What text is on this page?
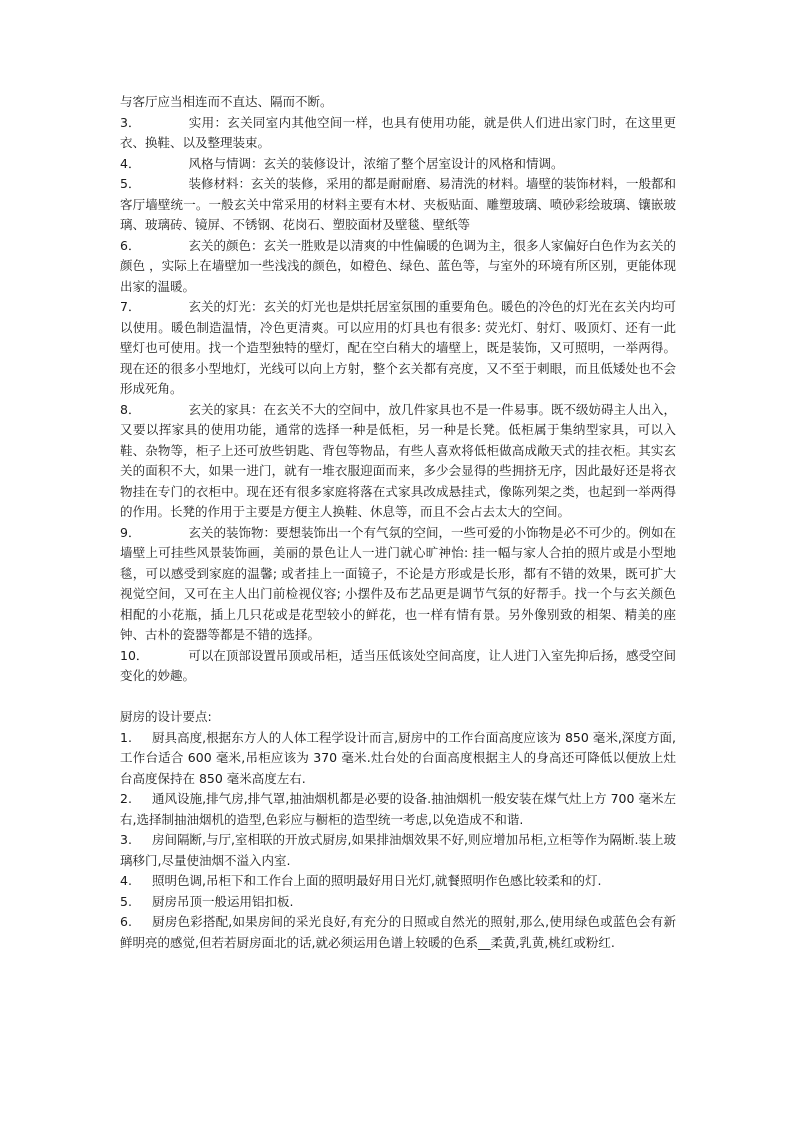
与客厅应当相连而不直达、隔而不断。

3．	实用：玄关同室内其他空间一样，也具有使用功能，就是供人们进出家门时，在这里更衣、换鞋、以及整理装束。

4．	风格与情调：玄关的装修设计，浓缩了整个居室设计的风格和情调。

5．	装修材料：玄关的装修，采用的都是耐耐磨、易清洗的材料。墙壁的装饰材料，一般都和客厅墙壁统一。一般玄关中常采用的材料主要有木材、夹板贴面、雕塑玻璃、喷砂彩绘玻璃、镶嵌玻璃、玻璃砖、镜屏、不锈钢、花岗石、塑胶面材及壁毯、壁纸等

6．	玄关的颜色：玄关一胜败是以清爽的中性偏暖的色调为主，很多人家偏好白色作为玄关的颜色 ，实际上在墙壁加一些浅浅的颜色，如橙色、绿色、蓝色等，与室外的环境有所区别，更能体现出家的温暖。

7．	玄关的灯光：玄关的灯光也是烘托居室氛围的重要角色。暖色的冷色的灯光在玄关内均可以使用。暖色制造温情，冷色更清爽。可以应用的灯具也有很多: 荧光灯、射灯、吸顶灯、还有一此壁灯也可使用。找一个造型独特的壁灯，配在空白稍大的墙壁上，既是装饰，又可照明，一举两得。现在还的很多小型地灯，光线可以向上方射，整个玄关都有亮度，又不至于刺眼，而且低矮处也不会形成死角。

8．	玄关的家具：在玄关不大的空间中，放几件家具也不是一件易事。既不级妨碍主人出入，又要以挥家具的使用功能，通常的选择一种是低柜，另一种是长凳。低柜属于集纳型家具，可以入鞋、杂物等，柜子上还可放些钥匙、背包等物品，有些人喜欢将低柜做高成敞天式的挂衣柜。其实玄关的面积不大，如果一进门，就有一堆衣服迎面而来，多少会显得的些拥挤无序，因此最好还是将衣物挂在专门的衣柜中。现在还有很多家庭将落在式家具改成悬挂式，像陈列架之类，也起到一举两得的作用。长凳的作用于主要是方便主人换鞋、休息等，而且不会占去太大的空间。

9．	玄关的装饰物：要想装饰出一个有气氛的空间，一些可爱的小饰物是必不可少的。例如在墙壁上可挂些风景装饰画，美丽的景色让人一进门就心旷神怡: 挂一幅与家人合拍的照片或是小型地毯，可以感受到家庭的温馨; 或者挂上一面镜子，不论是方形或是长形，都有不错的效果，既可扩大视觉空间，又可在主人出门前检视仪容; 小摆件及布艺品更是调节气氛的好帮手。找一个与玄关颜色相配的小花瓶，插上几只花或是花型较小的鲜花，也一样有情有景。另外像别致的相架、精美的座钟、古朴的瓷器等都是不错的选择。

10．	可以在顶部设置吊顶或吊柜，适当压低该处空间高度，让人进门入室先抑后扬，感受空间变化的妙趣。

厨房的设计要点:

1. 厨具高度,根据东方人的人体工程学设计而言,厨房中的工作台面高度应该为 850 毫米,深度方面,工作台适合 600 毫米,吊柜应该为 370 毫米.灶台处的台面高度根据主人的身高还可降低以便放上灶台高度保持在 850 毫米高度左右.

2. 通风设施,排气房,排气罩,抽油烟机都是必要的设备.抽油烟机一般安装在煤气灶上方 700 毫米左右,选择制抽油烟机的造型,色彩应与橱柜的造型统一考虑,以免造成不和谐.

3. 房间隔断,与厅,室相联的开放式厨房,如果排油烟效果不好,则应增加吊柜,立柜等作为隔断.装上玻璃移门,尽量使油烟不溢入内室.

4. 照明色调,吊柜下和工作台上面的照明最好用日光灯,就餐照明作色感比较柔和的灯.

5. 厨房吊顶一般运用铝扣板.

6. 厨房色彩搭配,如果房间的采光良好,有充分的日照或自然光的照射,那么,使用绿色或蓝色会有新鲜明亮的感觉,但若若厨房面北的话,就必须运用色谱上较暖的色系__柔黄,乳黄,桃红或粉红.
